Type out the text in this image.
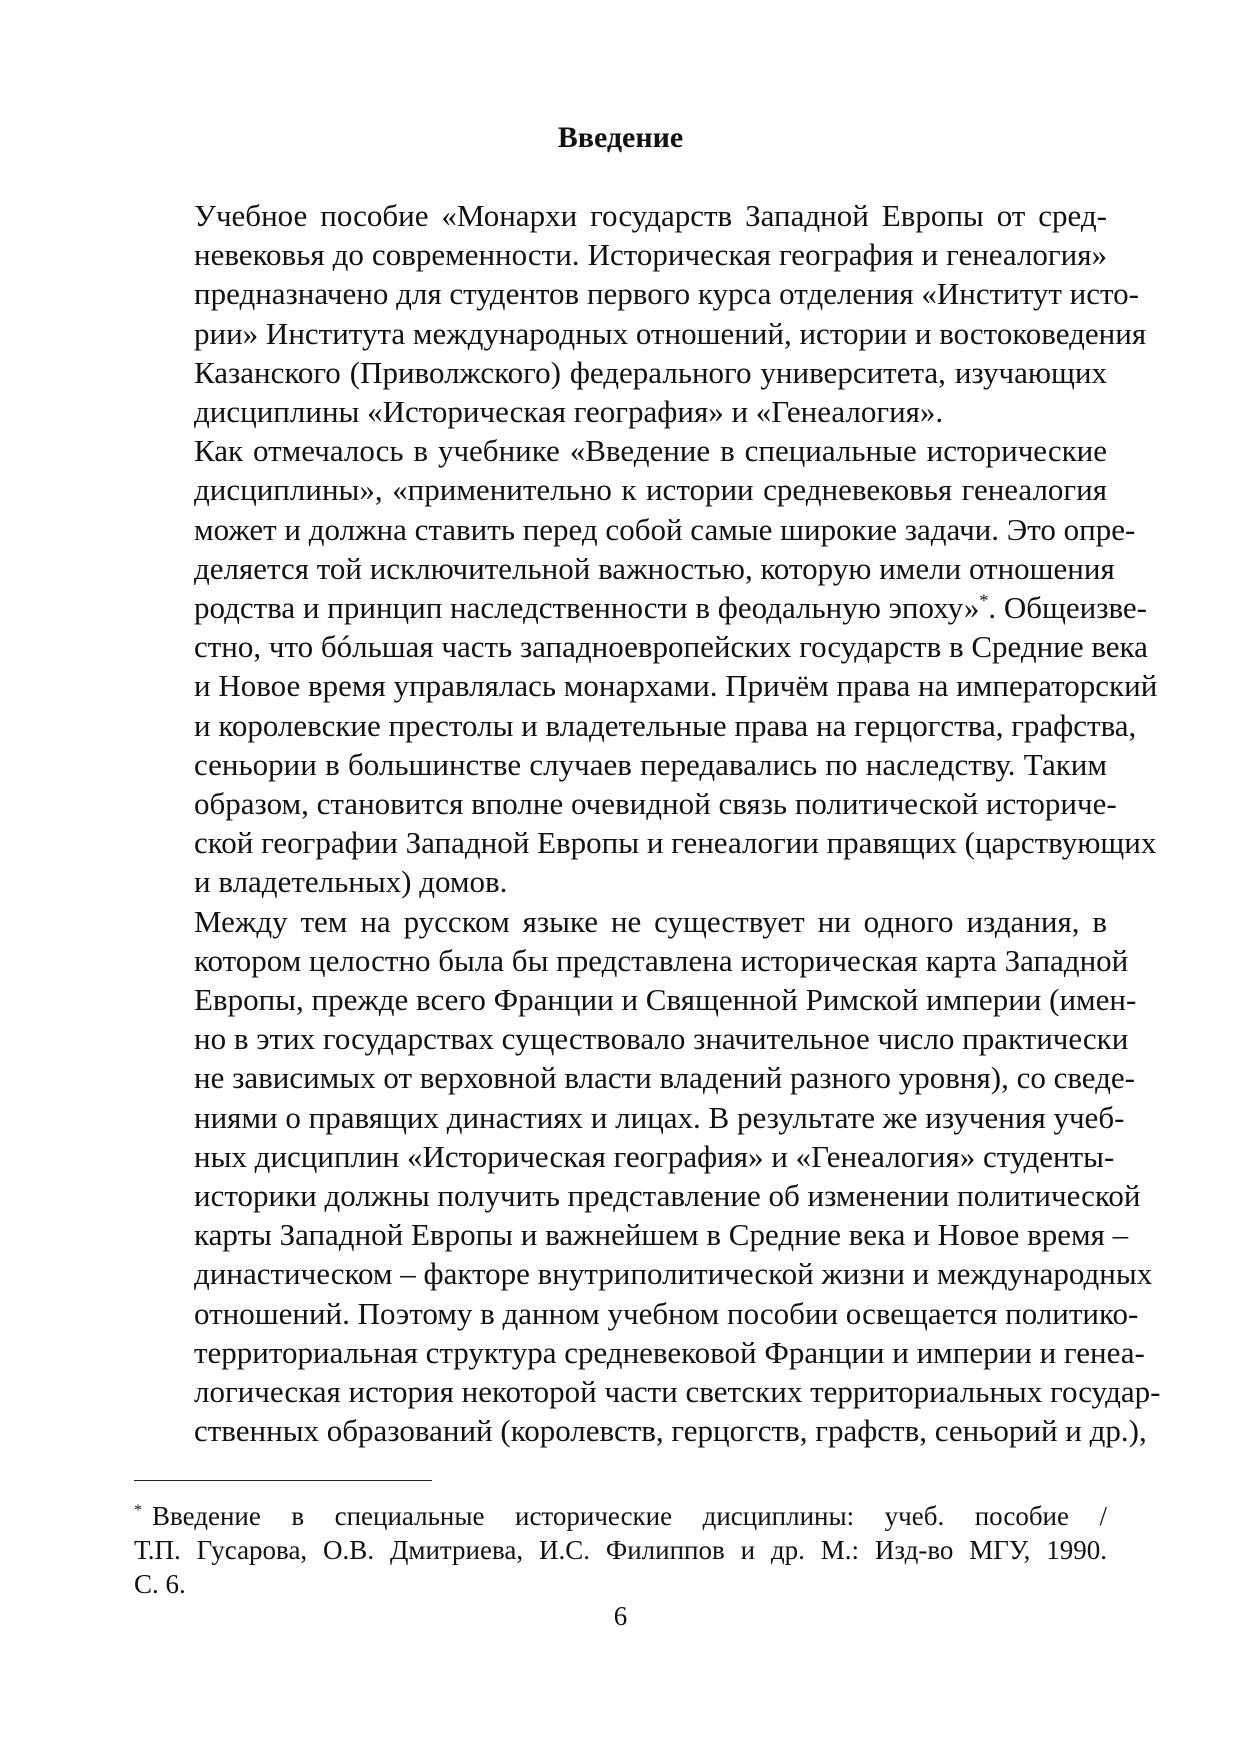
Введение

Учебное пособие «Монархи государств Западной Европы от сред-
невековья до современности. Историческая география и генеалогия»
предназначено для студентов первого курса отделения «Институт исто-
рии» Института международных отношений, истории и востоковедения
Казанского (Приволжского) федерального университета, изучающих
дисциплины «Историческая география» и «Генеалогия».

Как отмечалось в учебнике «Введение в специальные исторические
дисциплины», «применительно к истории средневековья генеалогия
может и должна ставить перед собой самые широкие задачи. Это опре-
деляется той исключительной важностью, которую имели отношения
родства и принцип наследственности в феодальную эпоху»*. Общеизве-
стно, что бóльшая часть западноевропейских государств в Средние века
и Новое время управлялась монархами. Причём права на императорский
и королевские престолы и владетельные права на герцогства, графства,
сеньории в большинстве случаев передавались по наследству. Таким
образом, становится вполне очевидной связь политической историче-
ской географии Западной Европы и генеалогии правящих (царствующих
и владетельных) домов.

Между тем на русском языке не существует ни одного издания, в
котором целостно была бы представлена историческая карта Западной
Европы, прежде всего Франции и Священной Римской империи (имен-
но в этих государствах существовало значительное число практически
не зависимых от верховной власти владений разного уровня), со сведе-
ниями о правящих династиях и лицах. В результате же изучения учеб-
ных дисциплин «Историческая география» и «Генеалогия» студенты-
историки должны получить представление об изменении политической
карты Западной Европы и важнейшем в Средние века и Новое время –
династическом – факторе внутриполитической жизни и международных
отношений. Поэтому в данном учебном пособии освещается политико-
территориальная структура средневековой Франции и империи и генеа-
логическая история некоторой части светских территориальных государ-
ственных образований (королевств, герцогств, графств, сеньорий и др.),

* Введение в специальные исторические дисциплины: учеб. пособие /
Т.П. Гусарова, О.В. Дмитриева, И.С. Филиппов и др. М.: Изд-во МГУ, 1990.
С. 6.
6
